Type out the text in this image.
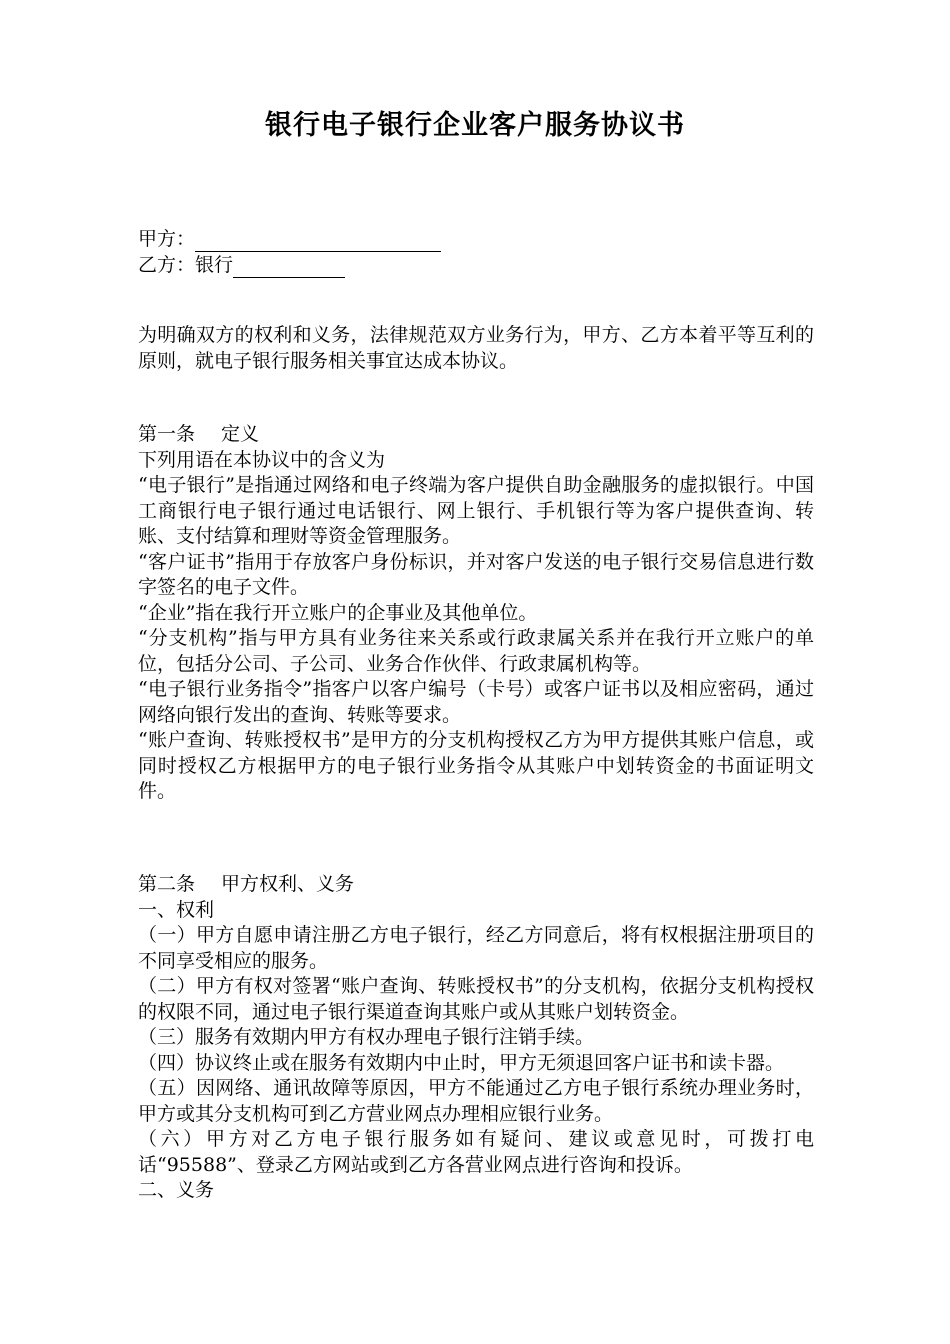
银行电子银行企业客户服务协议书
甲方：
乙方：银行

为明确双方的权利和义务，法律规范双方业务行为，甲方、乙方本着平等互利的原则，就电子银行服务相关事宜达成本协议。

第一条 定义

下列用语在本协议中的含义为

“电子银行”是指通过网络和电子终端为客户提供自助金融服务的虚拟银行。中国工商银行电子银行通过电话银行、网上银行、手机银行等为客户提供查询、转账、支付结算和理财等资金管理服务。

“客户证书”指用于存放客户身份标识，并对客户发送的电子银行交易信息进行数字签名的电子文件。

“企业”指在我行开立账户的企事业及其他单位。

“分支机构”指与甲方具有业务往来关系或行政隶属关系并在我行开立账户的单位，包括分公司、子公司、业务合作伙伴、行政隶属机构等。

“电子银行业务指令”指客户以客户编号（卡号）或客户证书以及相应密码，通过网络向银行发出的查询、转账等要求。

“账户查询、转账授权书”是甲方的分支机构授权乙方为甲方提供其账户信息，或同时授权乙方根据甲方的电子银行业务指令从其账户中划转资金的书面证明文件。

第二条 甲方权利、义务

一、权利

（一）甲方自愿申请注册乙方电子银行，经乙方同意后，将有权根据注册项目的不同享受相应的服务。

（二）甲方有权对签署“账户查询、转账授权书”的分支机构，依据分支机构授权的权限不同，通过电子银行渠道查询其账户或从其账户划转资金。

（三）服务有效期内甲方有权办理电子银行注销手续。

（四）协议终止或在服务有效期内中止时，甲方无须退回客户证书和读卡器。

（五）因网络、通讯故障等原因，甲方不能通过乙方电子银行系统办理业务时，甲方或其分支机构可到乙方营业网点办理相应银行业务。

（六）甲方对乙方电子银行服务如有疑问、建议或意见时，可拨打电话“95588”、登录乙方网站或到乙方各营业网点进行咨询和投诉。

二、义务
